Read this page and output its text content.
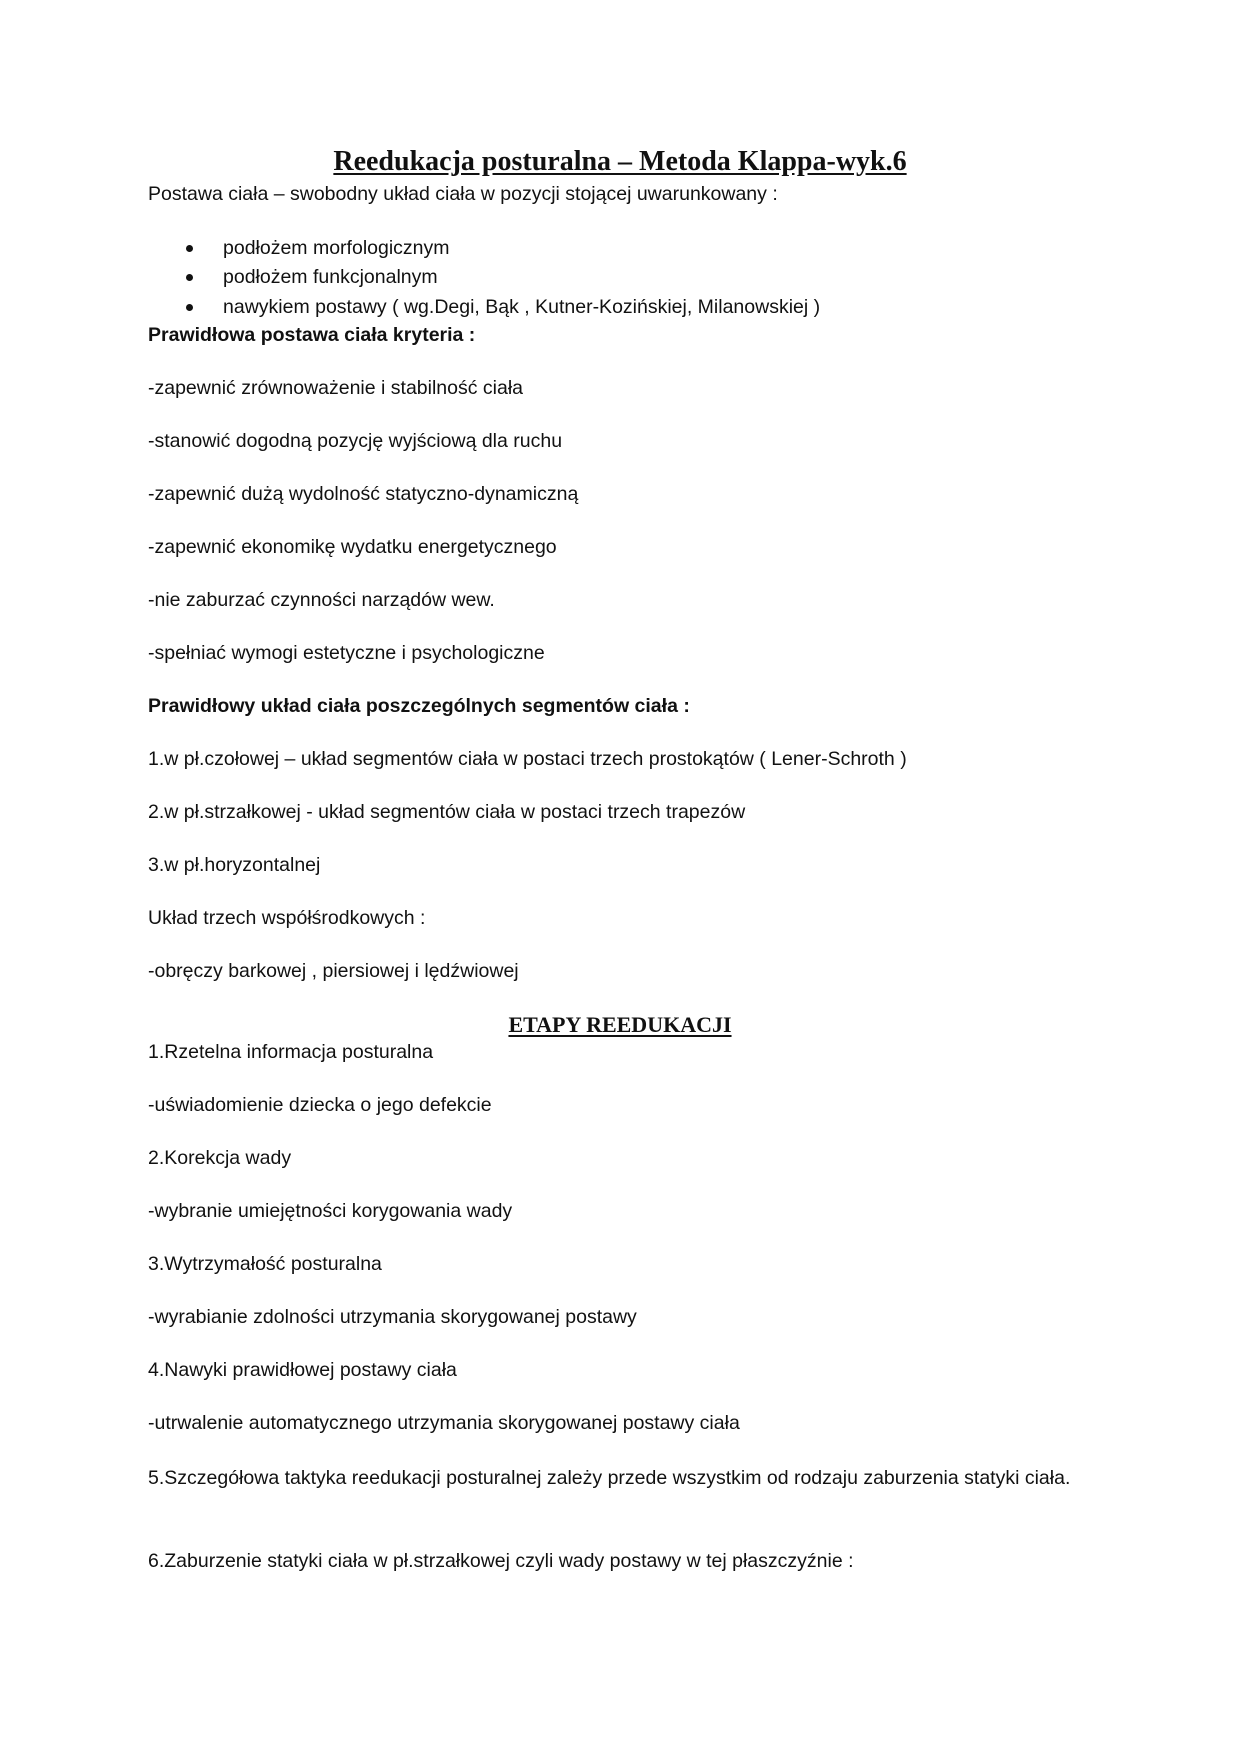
Reedukacja posturalna – Metoda Klappa-wyk.6

Postawa ciała – swobodny układ ciała w pozycji stojącej uwarunkowany :

podłożem morfologicznym
podłożem funkcjonalnym
nawykiem postawy ( wg.Degi, Bąk , Kutner-Kozińskiej, Milanowskiej )

Prawidłowa postawa ciała kryteria :

-zapewnić zrównoważenie i stabilność ciała

-stanowić dogodną pozycję wyjściową dla ruchu

-zapewnić dużą wydolność statyczno-dynamiczną

-zapewnić ekonomikę wydatku energetycznego

-nie zaburzać czynności narządów wew.

-spełniać wymogi estetyczne i psychologiczne

Prawidłowy układ ciała poszczególnych segmentów ciała :

1.w pł.czołowej – układ segmentów ciała w postaci trzech prostokątów ( Lener-Schroth )

2.w pł.strzałkowej - układ segmentów ciała w postaci trzech trapezów

3.w pł.horyzontalnej

Układ trzech współśrodkowych :

-obręczy barkowej , piersiowej i lędźwiowej

ETAPY REEDUKACJI

1.Rzetelna informacja posturalna

-uświadomienie dziecka o jego defekcie

2.Korekcja wady

-wybranie umiejętności korygowania wady

3.Wytrzymałość posturalna

-wyrabianie zdolności utrzymania skorygowanej postawy

4.Nawyki prawidłowej postawy ciała

-utrwalenie automatycznego utrzymania skorygowanej postawy ciała

5.Szczegółowa taktyka reedukacji posturalnej zależy przede wszystkim od rodzaju zaburzenia statyki ciała.

6.Zaburzenie statyki ciała w pł.strzałkowej czyli wady postawy w tej płaszczyźnie :
